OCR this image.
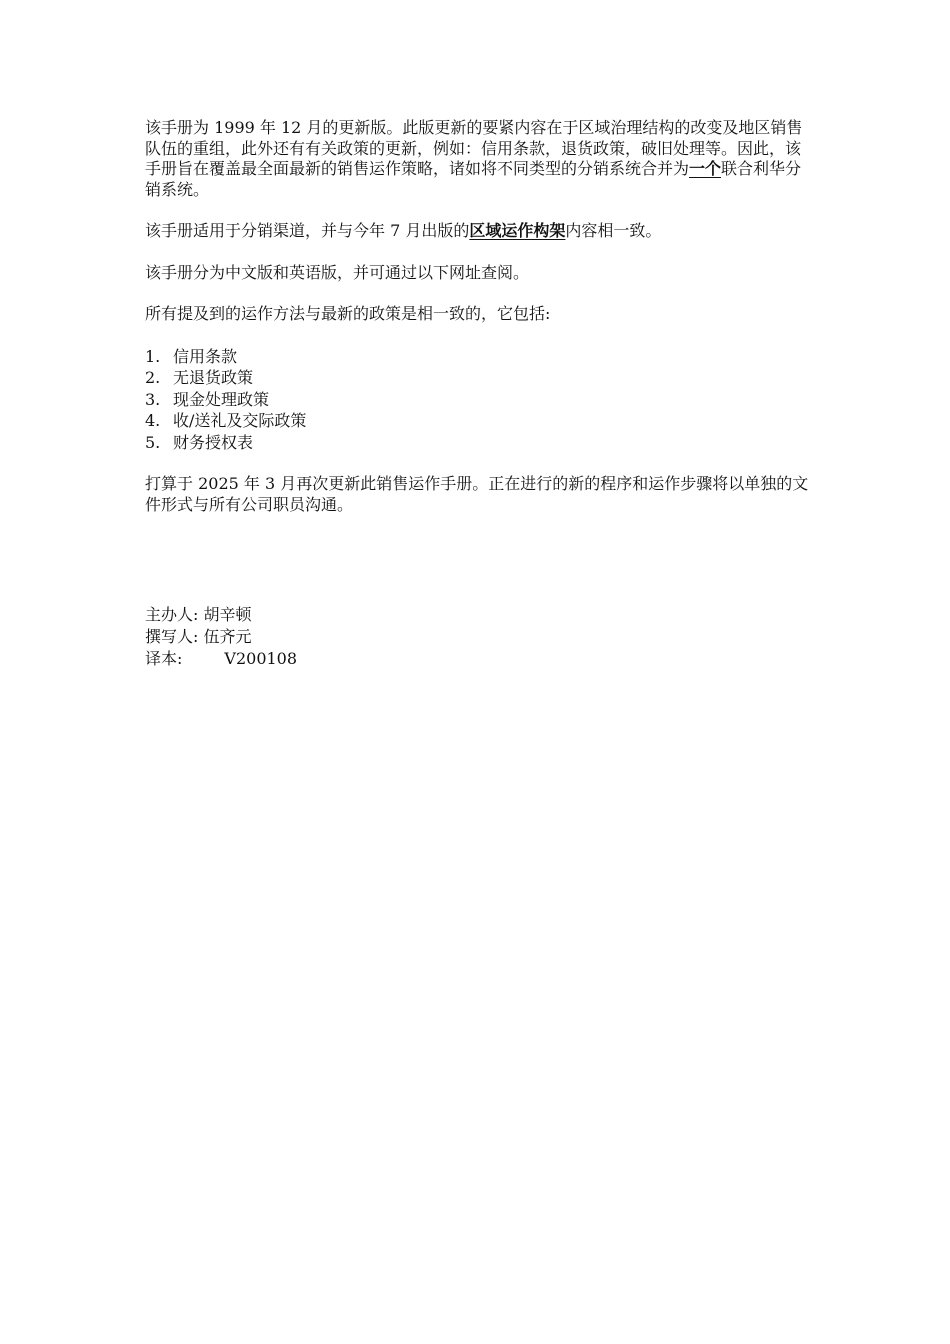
该手册为 1999 年 12 月的更新版。此版更新的要紧内容在于区域治理结构的改变及地区销售队伍的重组，此外还有有关政策的更新，例如：信用条款，退货政策，破旧处理等。因此，该手册旨在覆盖最全面最新的销售运作策略，诸如将不同类型的分销系统合并为一个联合利华分销系统。

该手册适用于分销渠道，并与今年 7 月出版的区域运作构架内容相一致。

该手册分为中文版和英语版，并可通过以下网址查阅。

所有提及到的运作方法与最新的政策是相一致的，它包括:

1. 信用条款
2. 无退货政策
3. 现金处理政策
4. 收/送礼及交际政策
5. 财务授权表

打算于 2025 年 3 月再次更新此销售运作手册。正在进行的新的程序和运作步骤将以单独的文件形式与所有公司职员沟通。

主办人: 胡辛顿
撰写人: 伍齐元
译本:	V200108
